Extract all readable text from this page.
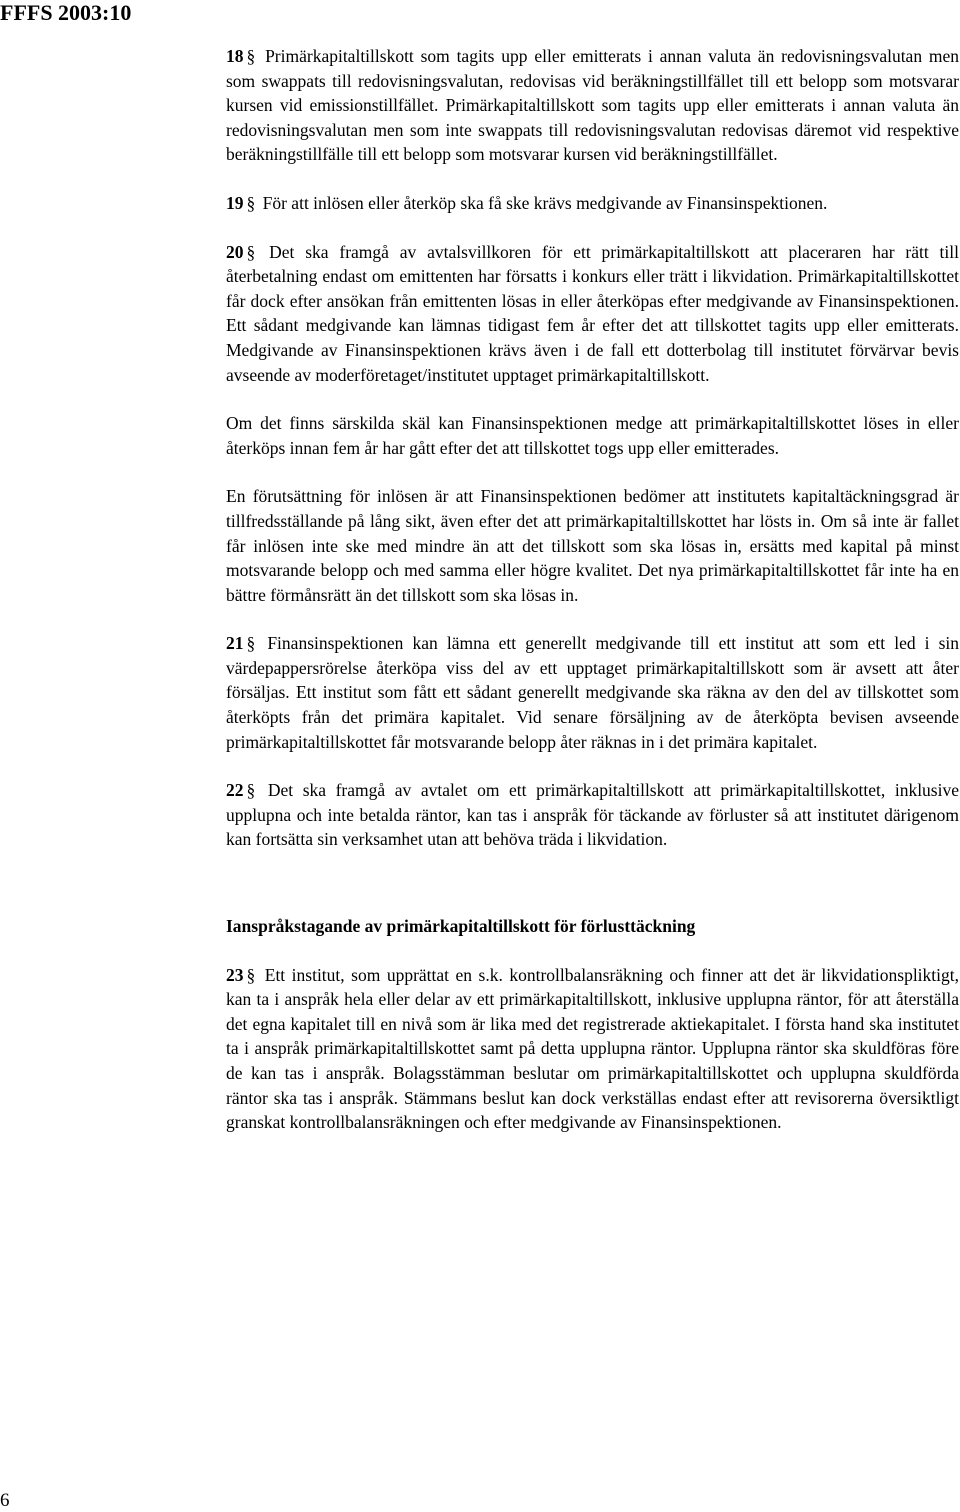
FFFS 2003:10

18 § Primärkapitaltillskott som tagits upp eller emitterats i annan valuta än redovisningsvalutan men som swappats till redovisningsvalutan, redovisas vid beräkningstillfället till ett belopp som motsvarar kursen vid emissionstillfället. Primärkapitaltillskott som tagits upp eller emitterats i annan valuta än redovisningsvalutan men som inte swappats till redovisningsvalutan redovisas däremot vid respektive beräkningstillfälle till ett belopp som motsvarar kursen vid beräkningstillfället.

19 § För att inlösen eller återköp ska få ske krävs medgivande av Finansinspektionen.

20 § Det ska framgå av avtalsvillkoren för ett primärkapitaltillskott att placeraren har rätt till återbetalning endast om emittenten har försatts i konkurs eller trätt i likvidation. Primärkapitaltillskottet får dock efter ansökan från emittenten lösas in eller återköpas efter medgivande av Finansinspektionen. Ett sådant medgivande kan lämnas tidigast fem år efter det att tillskottet tagits upp eller emitterats. Medgivande av Finansinspektionen krävs även i de fall ett dotterbolag till institutet förvärvar bevis avseende av moderföretaget/institutet upptaget primärkapitaltillskott.

Om det finns särskilda skäl kan Finansinspektionen medge att primärkapitaltillskottet löses in eller återköps innan fem år har gått efter det att tillskottet togs upp eller emitterades.

En förutsättning för inlösen är att Finansinspektionen bedömer att institutets kapitaltäckningsgrad är tillfredsställande på lång sikt, även efter det att primärkapitaltillskottet har lösts in. Om så inte är fallet får inlösen inte ske med mindre än att det tillskott som ska lösas in, ersätts med kapital på minst motsvarande belopp och med samma eller högre kvalitet. Det nya primärkapitaltillskottet får inte ha en bättre förmånsrätt än det tillskott som ska lösas in.

21 § Finansinspektionen kan lämna ett generellt medgivande till ett institut att som ett led i sin värdepappersrörelse återköpa viss del av ett upptaget primärkapitaltillskott som är avsett att åter försäljas. Ett institut som fått ett sådant generellt medgivande ska räkna av den del av tillskottet som återköpts från det primära kapitalet. Vid senare försäljning av de återköpta bevisen avseende primärkapitaltillskottet får motsvarande belopp åter räknas in i det primära kapitalet.

22 § Det ska framgå av avtalet om ett primärkapitaltillskott att primärkapitaltillskottet, inklusive upplupna och inte betalda räntor, kan tas i anspråk för täckande av förluster så att institutet därigenom kan fortsätta sin verksamhet utan att behöva träda i likvidation.

Ianspråkstagande av primärkapitaltillskott för förlusttäckning

23 § Ett institut, som upprättat en s.k. kontrollbalansräkning och finner att det är likvidationspliktigt, kan ta i anspråk hela eller delar av ett primärkapitaltillskott, inklusive upplupna räntor, för att återställa det egna kapitalet till en nivå som är lika med det registrerade aktiekapitalet. I första hand ska institutet ta i anspråk primärkapitaltillskottet samt på detta upplupna räntor. Upplupna räntor ska skuldföras före de kan tas i anspråk. Bolagsstämman beslutar om primärkapitaltillskottet och upplupna skuldförda räntor ska tas i anspråk. Stämmans beslut kan dock verkställas endast efter att revisorerna översiktligt granskat kontrollbalansräkningen och efter medgivande av Finansinspektionen.

6
